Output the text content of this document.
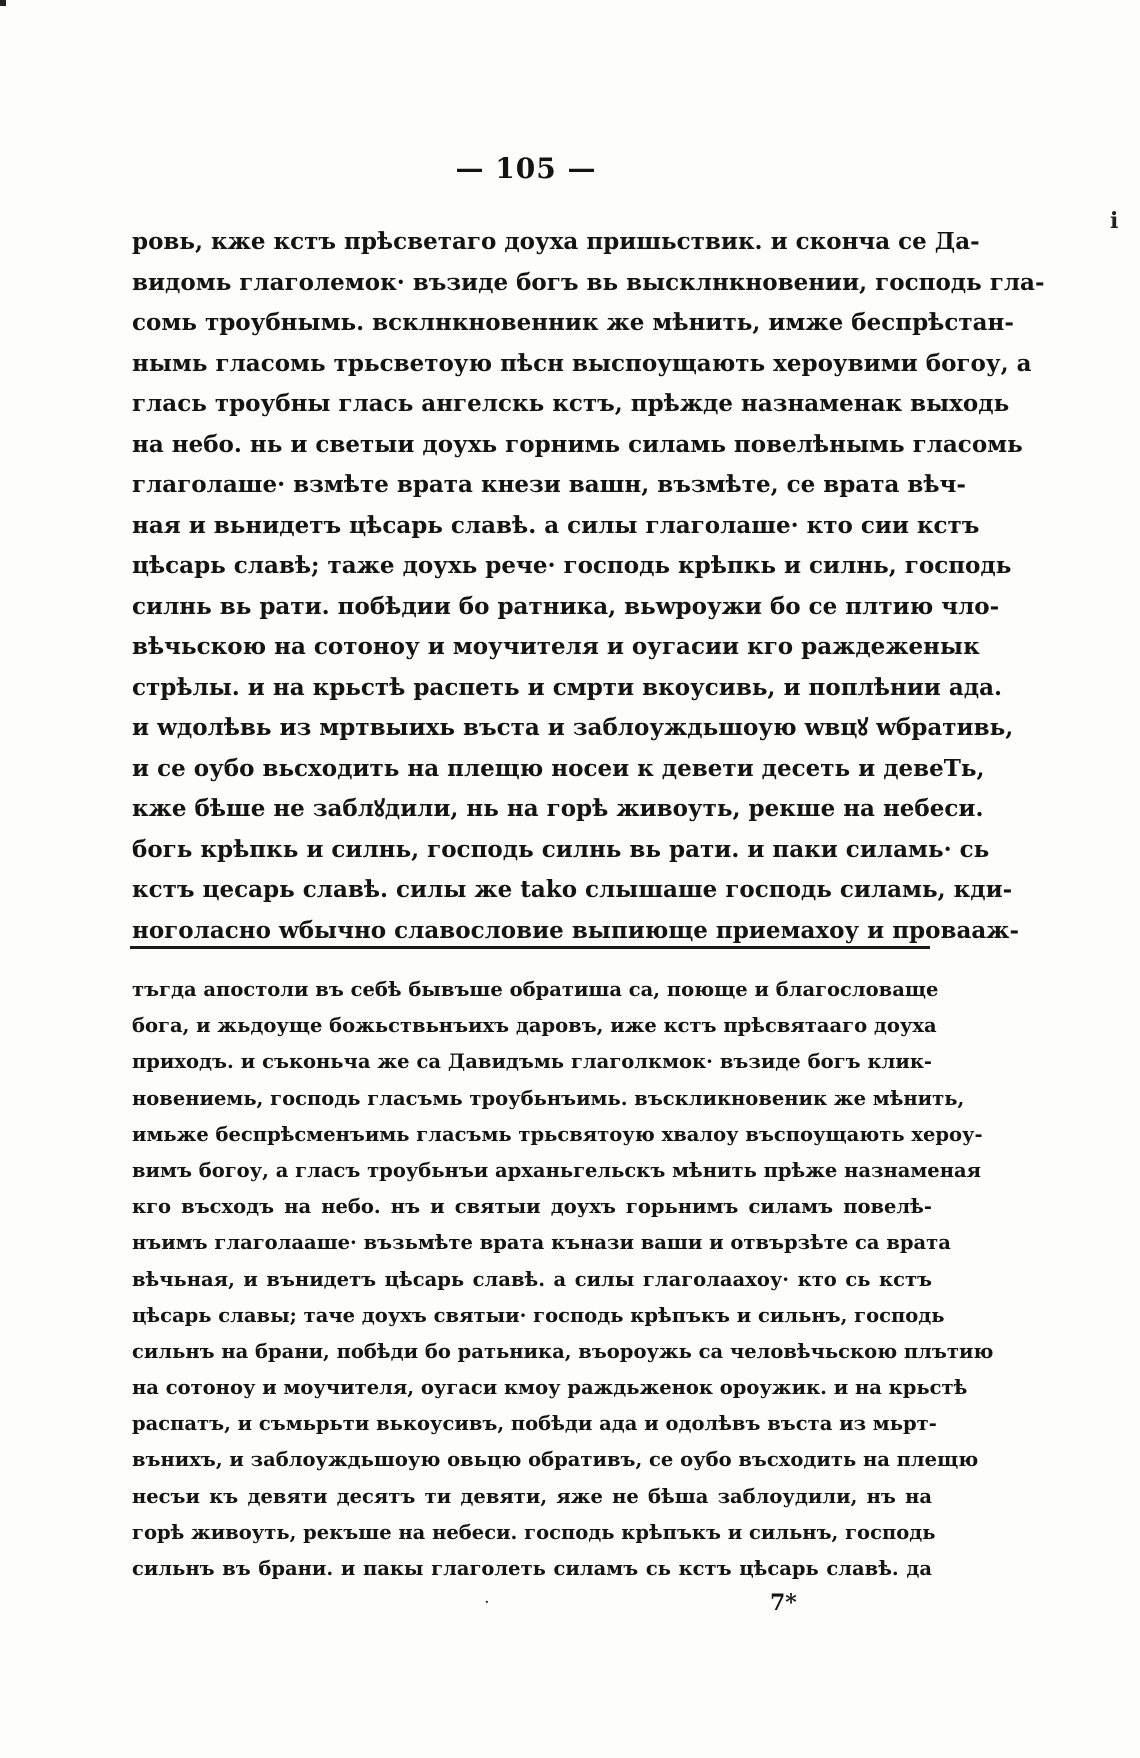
ⅰ
— 105 —
ровь, кже кстъ прѣсветаго доуха пришьствик. и сконча се Да-
видомь глаголемок· възиде богъ вь высклнкновении, господь гла-
сомь троубнымь. всклнкновенник же мѣнить, имже беспрѣстан-
нымь гласомь трьсветоую пѣсн выспоущають хероувими богоу, а
глась троубны глась ангелскь кстъ, прѣжде назнаменак выходь
на небо. нь и светыи доухь горнимь силамь повелѣнымь гласомь
глаголаше· взмѣте врата кнези вашн, възмѣте, се врата вѣч-
ная и вьнидетъ цѣсарь славѣ. а силы глаголаше· кто сии кстъ
цѣсарь славѣ; таже доухь рече· господь крѣпкь и силнь, господь
силнь вь рати. побѣдии бо ратника, вьwроужи бо се плтию чло-
вѣчьскою на сотоноу и моучителя и оугасии кго раждеженык
стрѣлы. и на крьстѣ распеть и смрти вкоусивь, и поплѣнии ада.
и wдолѣвь из мртвыихь въста и заблоуждьшоую wвцꙋ wбративь,
и се оубо вьсходить на плещю носеи к девети десеть и девеТь,
кже бѣше не заблꙋдили, нь на горѣ живоуть, рекше на небеси.
богь крѣпкь и силнь, господь силнь вь рати. и паки силамь· сь
кстъ цесарь славѣ. силы же tako слышаше господь силамь, кди-
ноголасно wбычно славословие выпиюще приемахоу и провааж-
тъгда апостоли въ себѣ бывъше обратиша са, поюще и благословаще
бога, и жьдоуще божьствьнъихъ даровъ, иже кстъ прѣсвятааго доуха
приходъ. и съконьча же са Давидъмь глаголкмок· възиде богъ клик-
новениемь, господь гласъмь троубьнъимь. въскликновеник же мѣнить,
имьже беспрѣсменъимь гласъмь трьсвятоую хвалоу въспоущають хероу-
вимъ богоу, а гласъ троубьнъи арханьгельскъ мѣнить прѣже назнаменая
кго въсходъ на небо. нъ и святыи доухъ горьнимъ силамъ повелѣ-
нъимъ глаголааше· възьмѣте врата кънази ваши и отвързѣте са врата
вѣчьная, и вънидетъ цѣсарь славѣ. а силы глаголаахоу· кто сь кстъ
цѣсарь славы; таче доухъ святыи· господь крѣпъкъ и сильнъ, господь
сильнъ на брани, побѣди бо ратьника, въороужь са человѣчьскою плътию
на сотоноу и моучителя, оугаси кмоу раждьженок ороужик. и на крьстѣ
распатъ, и съмьрьти вькоусивъ, побѣди ада и одолѣвъ въста из мьрт-
вънихъ, и заблоуждьшоую овьцю обративъ, се оубо въсходить на плещю
несъи къ девяти десятъ ти девяти, яже не бѣша заблоудили, нъ на
горѣ живоуть, рекъше на небеси. господь крѣпъкъ и сильнъ, господь
сильнъ въ брани. и пакы глаголеть силамъ сь кстъ цѣсарь славѣ. да
·	7*
